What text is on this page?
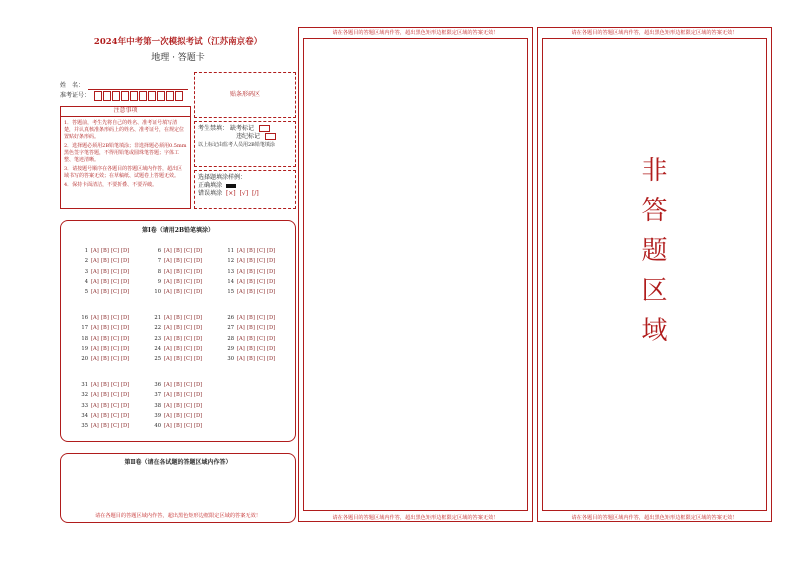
2024年中考第一次模拟考试（江苏南京卷）
地理 · 答题卡
姓　名：
准考证号：	贴条形码区
注意事项
1．答题前，考生先将自己的姓名、准考证号填写清楚，并认真核准条形码上的姓名、准考证号，在规定位置贴好条形码。
2．选择题必须用2B铅笔填涂；非选择题必须用0.5mm黑色签字笔答题，不得用铅笔或圆珠笔答题；字体工整、笔迹清晰。
3．请按题号顺序在各题目的答题区域内作答，超出区域书写的答案无效；在草稿纸、试题卷上答题无效。
4．保持卡面清洁，不要折叠、不要弄破。
考生禁填： 缺考标记
违纪标记
以上标记由监考人员用2B铅笔填涂
选择题填涂样例：
正确填涂
错误填涂 [×] [√] [/]
第Ⅰ卷（请用2B铅笔填涂）
1 [A] [B] [C] [D]
2 [A] [B] [C] [D]
3 [A] [B] [C] [D]
4 [A] [B] [C] [D]
5 [A] [B] [C] [D]
6 [A] [B] [C] [D]
7 [A] [B] [C] [D]
8 [A] [B] [C] [D]
9 [A] [B] [C] [D]
10 [A] [B] [C] [D]
11 [A] [B] [C] [D]
12 [A] [B] [C] [D]
13 [A] [B] [C] [D]
14 [A] [B] [C] [D]
15 [A] [B] [C] [D]
16 [A] [B] [C] [D]
17 [A] [B] [C] [D]
18 [A] [B] [C] [D]
19 [A] [B] [C] [D]
20 [A] [B] [C] [D]
21 [A] [B] [C] [D]
22 [A] [B] [C] [D]
23 [A] [B] [C] [D]
24 [A] [B] [C] [D]
25 [A] [B] [C] [D]
26 [A] [B] [C] [D]
27 [A] [B] [C] [D]
28 [A] [B] [C] [D]
29 [A] [B] [C] [D]
30 [A] [B] [C] [D]
31 [A] [B] [C] [D]
32 [A] [B] [C] [D]
33 [A] [B] [C] [D]
34 [A] [B] [C] [D]
35 [A] [B] [C] [D]
36 [A] [B] [C] [D]
37 [A] [B] [C] [D]
38 [A] [B] [C] [D]
39 [A] [B] [C] [D]
40 [A] [B] [C] [D]
第Ⅱ卷（请在各试题的答题区域内作答）
请在各题目的答题区域内作答，超出黑色矩形边框限定区域的答案无效！
请在各题目的答题区域内作答，超出黑色矩形边框限定区域的答案无效！
请在各题目的答题区域内作答，超出黑色矩形边框限定区域的答案无效！
请在各题目的答题区域内作答，超出黑色矩形边框限定区域的答案无效！
非
答
题
区
域
请在各题目的答题区域内作答，超出黑色矩形边框限定区域的答案无效！
